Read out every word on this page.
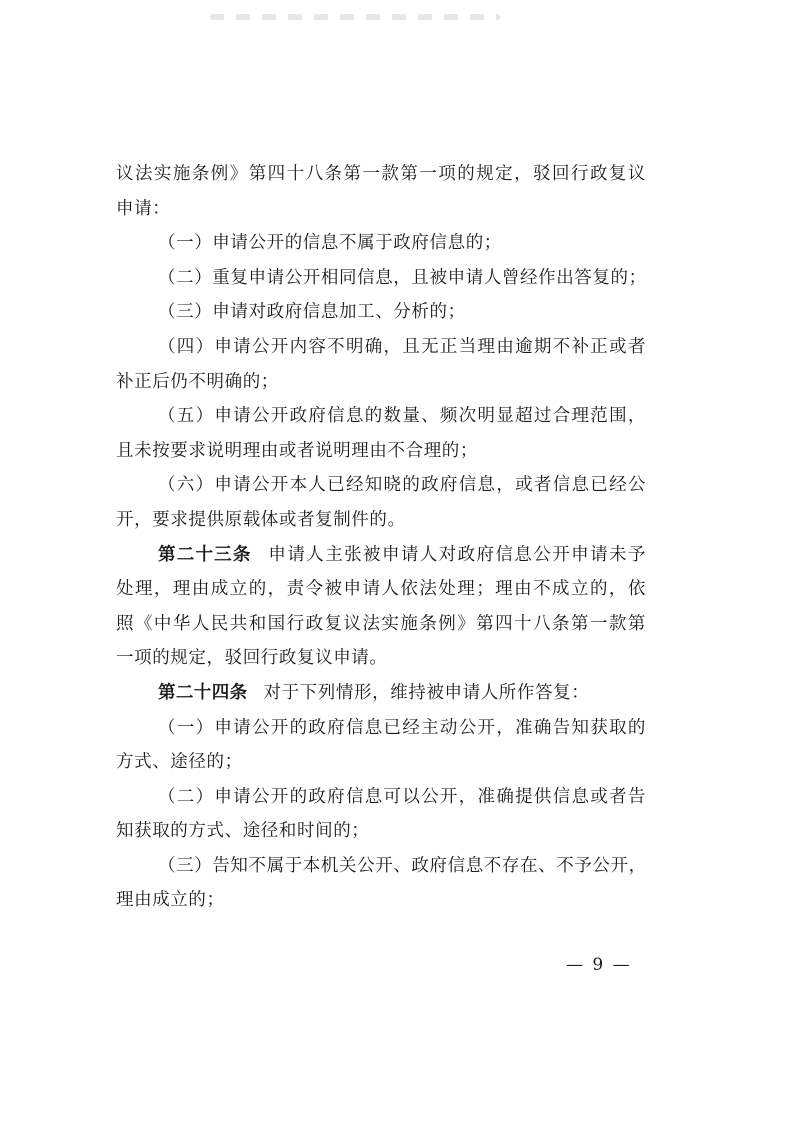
议法实施条例》第四十八条第一款第一项的规定，驳回行政复议
申请：
（一）申请公开的信息不属于政府信息的；
（二）重复申请公开相同信息，且被申请人曾经作出答复的；
（三）申请对政府信息加工、分析的；
（四）申请公开内容不明确，且无正当理由逾期不补正或者
补正后仍不明确的；
（五）申请公开政府信息的数量、频次明显超过合理范围，
且未按要求说明理由或者说明理由不合理的；
（六）申请公开本人已经知晓的政府信息，或者信息已经公
开，要求提供原载体或者复制件的。
第二十三条 申请人主张被申请人对政府信息公开申请未予
处理，理由成立的，责令被申请人依法处理；理由不成立的，依
照《中华人民共和国行政复议法实施条例》第四十八条第一款第
一项的规定，驳回行政复议申请。
第二十四条 对于下列情形，维持被申请人所作答复：
（一）申请公开的政府信息已经主动公开，准确告知获取的
方式、途径的；
（二）申请公开的政府信息可以公开，准确提供信息或者告
知获取的方式、途径和时间的；
（三）告知不属于本机关公开、政府信息不存在、不予公开，
理由成立的；
— 9 —
